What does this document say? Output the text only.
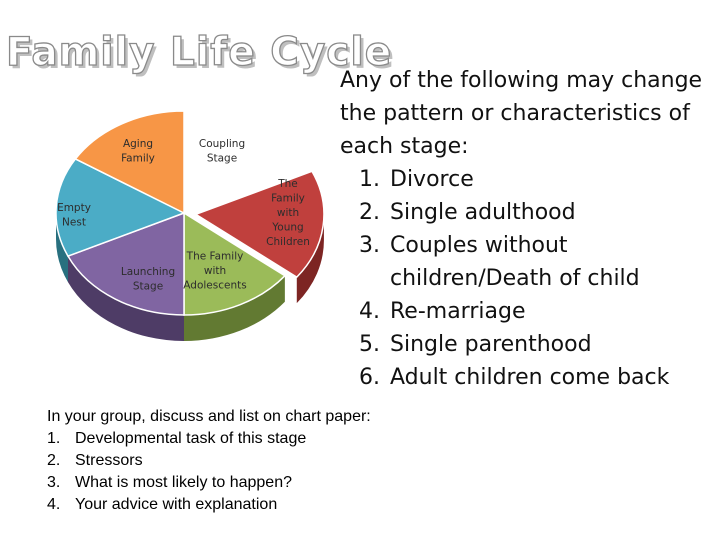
Coupling Stage
The Family with Young Children
The Family with Adolescents
Launching Stage
Empty Nest
Aging Family
Family Life Cycle

Any of the following may change the pattern or characteristics of each stage:

1. Divorce
2. Single adulthood
3. Couples without children/Death of child
4. Re-marriage
5. Single parenthood
6. Adult children come back
In your group, discuss and list on chart paper:
1. Developmental task of this stage
2. Stressors
3. What is most likely to happen?
4. Your advice with explanation
